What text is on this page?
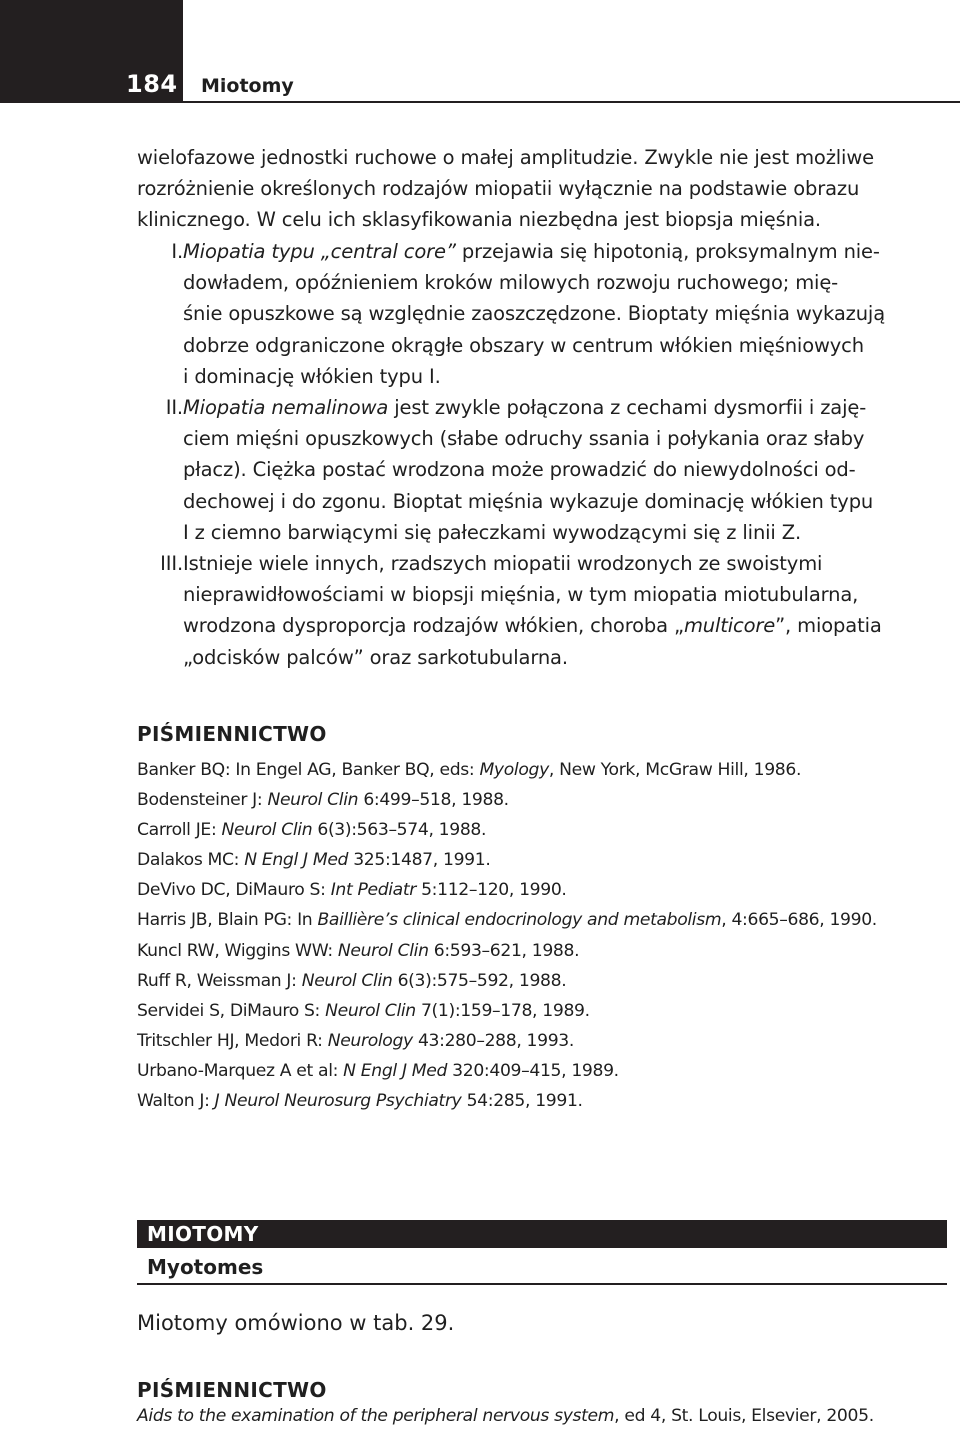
184 Miotomy
wielofazowe jednostki ruchowe o małej amplitudzie. Zwykle nie jest możliwe
rozróżnienie określonych rodzajów miopatii wyłącznie na podstawie obrazu
klinicznego. W celu ich sklasyfikowania niezbędna jest biopsja mięśnia.
I. Miopatia typu „central core” przejawia się hipotonią, proksymalnym nie-
dowładem, opóźnieniem kroków milowych rozwoju ruchowego; mię-
śnie opuszkowe są względnie zaoszczędzone. Bioptaty mięśnia wykazują
dobrze odgraniczone okrągłe obszary w centrum włókien mięśniowych
i dominację włókien typu I.
II. Miopatia nemalinowa jest zwykle połączona z cechami dysmorfii i zaję-
ciem mięśni opuszkowych (słabe odruchy ssania i połykania oraz słaby
płacz). Ciężka postać wrodzona może prowadzić do niewydolności od-
dechowej i do zgonu. Bioptat mięśnia wykazuje dominację włókien typu
I z ciemno barwiącymi się pałeczkami wywodzącymi się z linii Z.
III. Istnieje wiele innych, rzadszych miopatii wrodzonych ze swoistymi
nieprawidłowościami w biopsji mięśnia, w tym miopatia miotubularna,
wrodzona dysproporcja rodzajów włókien, choroba „multicore”, miopatia
„odcisków palców” oraz sarkotubularna.
PIŚMIENNICTWO
Banker BQ: In Engel AG, Banker BQ, eds: Myology, New York, McGraw Hill, 1986.
Bodensteiner J: Neurol Clin 6:499–518, 1988.
Carroll JE: Neurol Clin 6(3):563–574, 1988.
Dalakos MC: N Engl J Med 325:1487, 1991.
DeVivo DC, DiMauro S: Int Pediatr 5:112–120, 1990.
Harris JB, Blain PG: In Baillière’s clinical endocrinology and metabolism, 4:665–686, 1990.
Kuncl RW, Wiggins WW: Neurol Clin 6:593–621, 1988.
Ruff R, Weissman J: Neurol Clin 6(3):575–592, 1988.
Servidei S, DiMauro S: Neurol Clin 7(1):159–178, 1989.
Tritschler HJ, Medori R: Neurology 43:280–288, 1993.
Urbano-Marquez A et al: N Engl J Med 320:409–415, 1989.
Walton J: J Neurol Neurosurg Psychiatry 54:285, 1991.
MIOTOMY
Myotomes
Miotomy omówiono w tab. 29.
PIŚMIENNICTWO
Aids to the examination of the peripheral nervous system, ed 4, St. Louis, Elsevier, 2005.
